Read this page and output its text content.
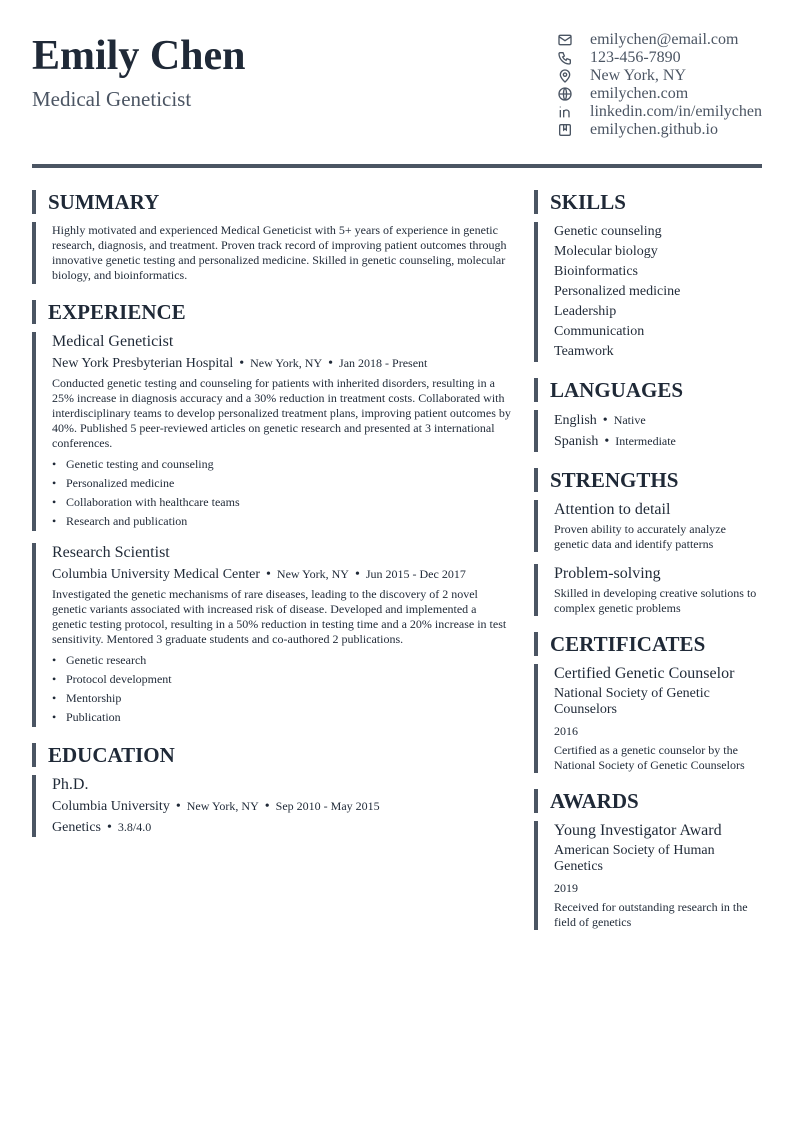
Emily Chen
Medical Geneticist
emilychen@email.com
123-456-7890
New York, NY
emilychen.com
linkedin.com/in/emilychen
emilychen.github.io
SUMMARY
Highly motivated and experienced Medical Geneticist with 5+ years of experience in genetic research, diagnosis, and treatment. Proven track record of improving patient outcomes through innovative genetic testing and personalized medicine. Skilled in genetic counseling, molecular biology, and bioinformatics.
EXPERIENCE
Medical Geneticist
New York Presbyterian Hospital • New York, NY • Jan 2018 - Present
Conducted genetic testing and counseling for patients with inherited disorders, resulting in a 25% increase in diagnosis accuracy and a 30% reduction in treatment costs. Collaborated with interdisciplinary teams to develop personalized treatment plans, improving patient outcomes by 40%. Published 5 peer-reviewed articles on genetic research and presented at 3 international conferences.
• Genetic testing and counseling
• Personalized medicine
• Collaboration with healthcare teams
• Research and publication
Research Scientist
Columbia University Medical Center • New York, NY • Jun 2015 - Dec 2017
Investigated the genetic mechanisms of rare diseases, leading to the discovery of 2 novel genetic variants associated with increased risk of disease. Developed and implemented a genetic testing protocol, resulting in a 50% reduction in testing time and a 20% increase in test sensitivity. Mentored 3 graduate students and co-authored 2 publications.
• Genetic research
• Protocol development
• Mentorship
• Publication
EDUCATION
Ph.D.
Columbia University • New York, NY • Sep 2010 - May 2015
Genetics • 3.8/4.0
SKILLS
Genetic counseling
Molecular biology
Bioinformatics
Personalized medicine
Leadership
Communication
Teamwork
LANGUAGES
English • Native
Spanish • Intermediate
STRENGTHS
Attention to detail
Proven ability to accurately analyze genetic data and identify patterns
Problem-solving
Skilled in developing creative solutions to complex genetic problems
CERTIFICATES
Certified Genetic Counselor
National Society of Genetic Counselors
2016
Certified as a genetic counselor by the National Society of Genetic Counselors
AWARDS
Young Investigator Award
American Society of Human Genetics
2019
Received for outstanding research in the field of genetics
